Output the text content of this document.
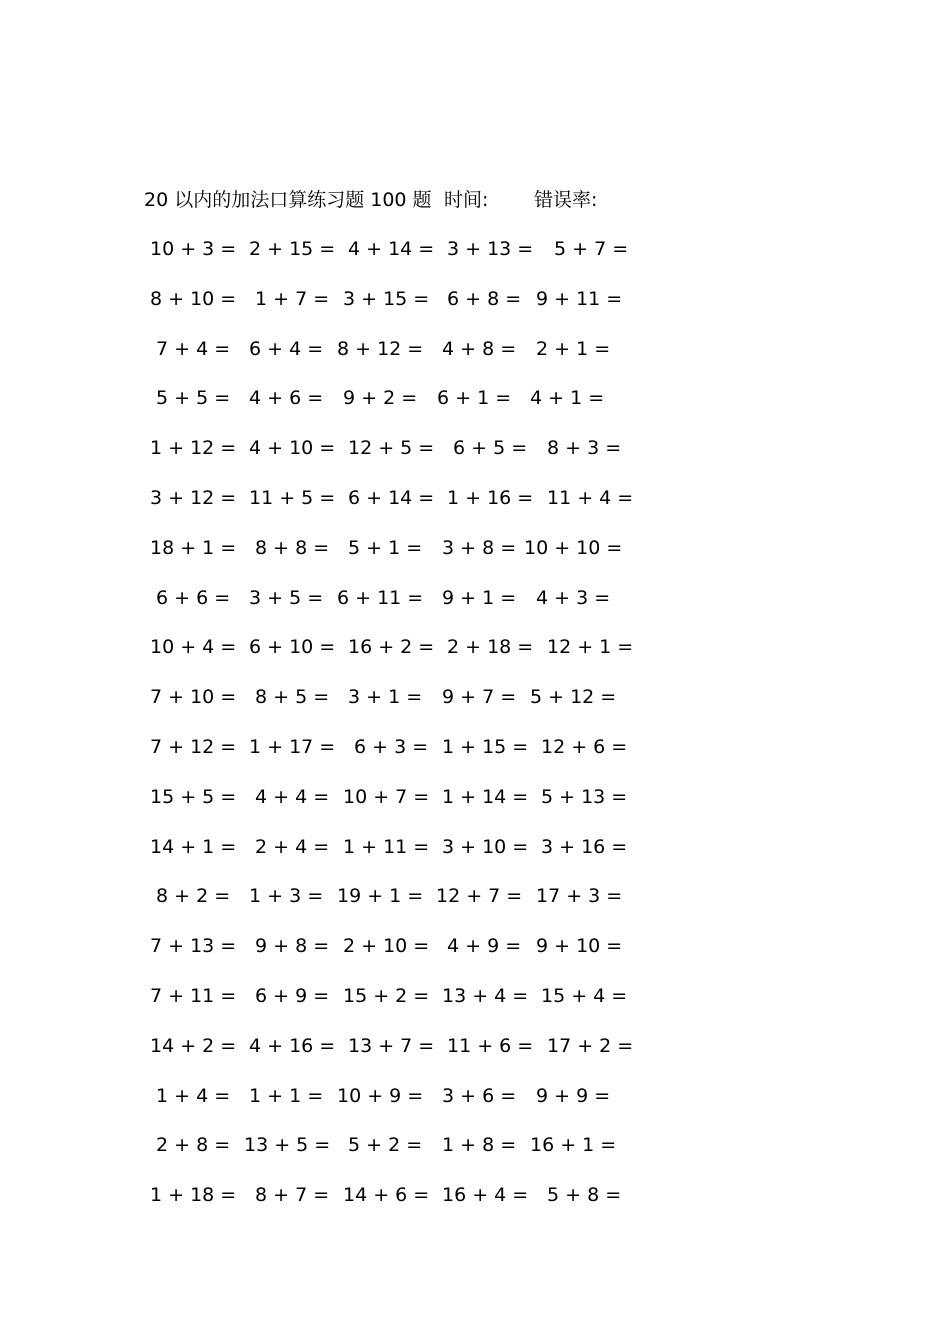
20 以内的加法口算练习题 100 题 时间: 错误率:
10 + 3 = 2 + 15 = 4 + 14 = 3 + 13 = 5 + 7 =
8 + 10 = 1 + 7 = 3 + 15 = 6 + 8 = 9 + 11 =
7 + 4 = 6 + 4 = 8 + 12 = 4 + 8 = 2 + 1 =
5 + 5 = 4 + 6 = 9 + 2 = 6 + 1 = 4 + 1 =
1 + 12 = 4 + 10 = 12 + 5 = 6 + 5 = 8 + 3 =
3 + 12 = 11 + 5 = 6 + 14 = 1 + 16 = 11 + 4 =
18 + 1 = 8 + 8 = 5 + 1 = 3 + 8 = 10 + 10 =
6 + 6 = 3 + 5 = 6 + 11 = 9 + 1 = 4 + 3 =
10 + 4 = 6 + 10 = 16 + 2 = 2 + 18 = 12 + 1 =
7 + 10 = 8 + 5 = 3 + 1 = 9 + 7 = 5 + 12 =
7 + 12 = 1 + 17 = 6 + 3 = 1 + 15 = 12 + 6 =
15 + 5 = 4 + 4 = 10 + 7 = 1 + 14 = 5 + 13 =
14 + 1 = 2 + 4 = 1 + 11 = 3 + 10 = 3 + 16 =
8 + 2 = 1 + 3 = 19 + 1 = 12 + 7 = 17 + 3 =
7 + 13 = 9 + 8 = 2 + 10 = 4 + 9 = 9 + 10 =
7 + 11 = 6 + 9 = 15 + 2 = 13 + 4 = 15 + 4 =
14 + 2 = 4 + 16 = 13 + 7 = 11 + 6 = 17 + 2 =
1 + 4 = 1 + 1 = 10 + 9 = 3 + 6 = 9 + 9 =
2 + 8 = 13 + 5 = 5 + 2 = 1 + 8 = 16 + 1 =
1 + 18 = 8 + 7 = 14 + 6 = 16 + 4 = 5 + 8 =
